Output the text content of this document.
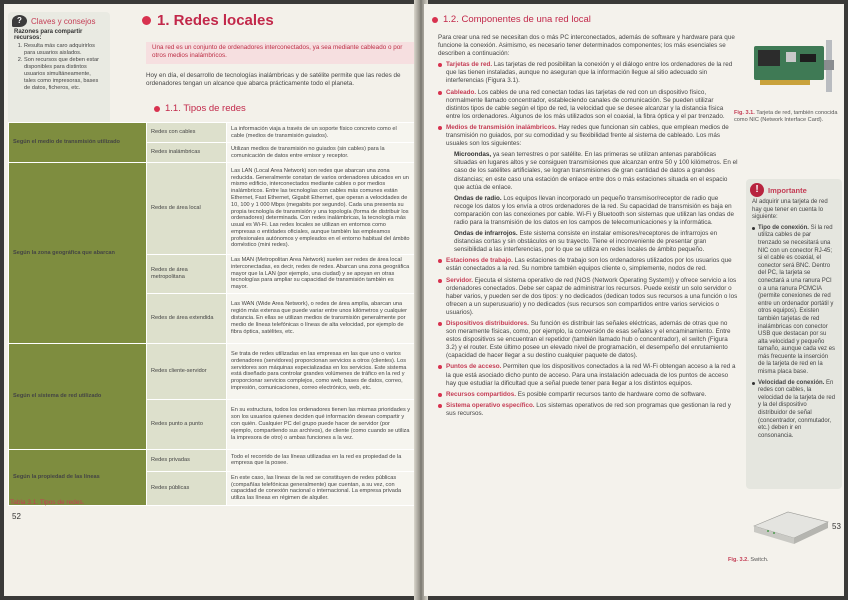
?	Claves y consejos
Razones para compartir recursos:
1. Resulta más caro adquirirlos para usuarios aislados.
2. Son recursos que deben estar disponibles para distintos usuarios simultáneamente, tales como impresoras, bases de datos, ficheros, etc.
1. Redes locales
Una red es un conjunto de ordenadores interconectados, ya sea mediante cableado o por otros medios inalámbricos.
Hoy en día, el desarrollo de tecnologías inalámbricas y de satélite permite que las redes de ordenadores tengan un alcance que abarca prácticamente todo el planeta.
1.1. Tipos de redes
Según el medio de transmisión utilizado	Redes con cables	La información viaja a través de un soporte físico concreto como el cable (medios de transmisión guiados).
	Redes inalámbricas	Utilizan medios de transmisión no guiados (sin cables) para la comunicación de datos entre emisor y receptor.
Según la zona geográfica que abarcan	Redes de área local	Las LAN (Local Area Network) son redes que abarcan una zona reducida. Generalmente constan de varios ordenadores ubicados en un mismo edificio, interconectados mediante cables o por medios inalámbricos. Entre las tecnologías con cables más comunes están Ethernet, Fast Ethernet, Gigabit Ethernet, que operan a velocidades de 10, 100 y 1 000 Mbps (megabits por segundo). Cada una presenta su propia tecnología de transmisión y una topología (forma de distribuir los ordenadores) determinada. Con redes inalámbricas, la tecnología más usual es Wi-Fi. Las redes locales se utilizan en entornos como empresas o entidades oficiales, aunque también las empleamos profesionales autónomos y empleados en el entorno habitual del ámbito doméstico (mini redes).
	Redes de área metropolitana	Las MAN (Metropolitan Area Network) suelen ser redes de área local interconectadas, es decir, redes de redes. Abarcan una zona geográfica mayor que la LAN (por ejemplo, una ciudad) y se apoyan en otras tecnologías para ampliar su capacidad de transmisión también es mayor.
	Redes de área extendida	Las WAN (Wide Area Network), o redes de área amplia, abarcan una región más extensa que puede variar entre unos kilómetros y cualquier distancia. En ellas se utilizan medios de transmisión generalmente por medio de líneas telefónicas o líneas de alta velocidad, por ejemplo de fibra óptica, satélites, etc.
Según el sistema de red utilizado	Redes cliente-servidor	Se trata de redes utilizadas en las empresas en las que uno o varios ordenadores (servidores) proporcionan servicios a otros (clientes). Los servidores son máquinas especializadas en los servicios. Este sistema está diseñado para controlar grandes volúmenes de tráfico en la red y proporcionar servicios complejos, como web, bases de datos, correo, impresión, comunicaciones, correo electrónico, web, etc.
	Redes punto a punto	En su estructura, todos los ordenadores tienen las mismas prioridades y son los usuarios quienes deciden qué información desean compartir y con quién. Cualquier PC del grupo puede hacer de servidor (por ejemplo, compartiendo sus archivos), de cliente (como cuando se utiliza la impresora de otro) o ambas funciones a la vez.
Según la propiedad de las líneas	Redes privadas	Todo el recorrido de las líneas utilizadas en la red es propiedad de la empresa que la posee.
	Redes públicas	En este caso, las líneas de la red se constituyen de redes públicas (compañías telefónicas generalmente) que cuentan, a su vez, con capacidad de conexión nacional o internacional. La empresa privada utiliza las líneas en régimen de alquiler.
Tabla 3.1. Tipos de redes.
52
1.2. Componentes de una red local

Para crear una red se necesitan dos o más PC interconectados, además de software y hardware para que funcione la conexión. Asimismo, es necesario tener determinados componentes; los más esenciales se describen a continuación:

Tarjetas de red. Las tarjetas de red posibilitan la conexión y el diálogo entre los ordenadores de la red que las tienen instaladas, aunque no aseguran que la información llegue al sitio adecuado sin interferencias (Figura 3.1).
Cableado. Los cables de una red conectan todas las tarjetas de red con un dispositivo físico, normalmente llamado concentrador, estableciendo canales de comunicación. Se pueden utilizar distintos tipos de cable según el tipo de red, la velocidad que se desee alcanzar y la distancia física entre los ordenadores. Algunos de los más utilizados son el coaxial, la fibra óptica y el par trenzado.
Medios de transmisión inalámbricos. Hay redes que funcionan sin cables, que emplean medios de transmisión no guiados, por su comodidad y su flexibilidad frente al sistema de cableado. Los más usuales son los siguientes:
Microondas, ya sean terrestres o por satélite. En las primeras se utilizan antenas parabólicas situadas en lugares altos y se consiguen transmisiones que alcanzan entre 50 y 100 kilómetros. En el caso de los satélites artificiales, se logran transmisiones de gran cantidad de datos a grandes distancias; en este caso una estación de enlace entre dos o más estaciones situada en el espacio que actúa de enlace.
Ondas de radio. Los equipos llevan incorporado un pequeño transmisor/receptor de radio que recoge los datos y los envía a otros ordenadores de la red. Su capacidad de transmisión es baja en comparación con las conexiones por cable. Wi-Fi y Bluetooth son sistemas que utilizan las ondas de radio para la transmisión de los datos en los campos de telecomunicaciones y la informática.
Ondas de infrarrojos. Este sistema consiste en instalar emisores/receptores de infrarrojos en distancias cortas y sin obstáculos en su trayecto. Tiene el inconveniente de presentar gran sensibilidad a las interferencias, por lo que se utiliza en redes locales de ámbito pequeño.
Estaciones de trabajo. Las estaciones de trabajo son los ordenadores utilizados por los usuarios que están conectados a la red. Su nombre también equipos cliente o, simplemente, nodos de red.
Servidor. Ejecuta el sistema operativo de red (NOS (Network Operating System)) y ofrece servicio a los ordenadores conectados. Debe ser capaz de administrar los recursos. Puede existir un solo servidor o haber varios, y pueden ser de dos tipos: y no dedicados (dedican todos sus recursos a una función o los ofrecen a un superusuario) y no dedicados (sus recursos son compartidos entre varios servicios o usuarios).
Dispositivos distribuidores. Su función es distribuir las señales eléctricas, además de otras que no son meramente físicas, como, por ejemplo, la conversión de esas señales y el encaminamiento. Entre estos dispositivos se encuentran el repetidor (también llamado hub o concentrador), el switch (Figura 3.2) y el router. Este último posee un elevado nivel de programación, el desempeño del enrutamiento (capacidad de hacer llegar a su destino cualquier paquete de datos).
Puntos de acceso. Permiten que los dispositivos conectados a la red Wi-Fi obtengan acceso a la red a la que está asociado dicho punto de acceso. Para una instalación adecuada de los puntos de acceso hay que estudiar la dificultad que a señal puede tener para llegar a los distintos equipos.
Recursos compartidos. Es posible compartir recursos tanto de hardware como de software.
Sistema operativo específico. Los sistemas operativos de red son programas que gestionan la red y sus recursos.
Fig. 3.1. Tarjeta de red, también conocida como NIC (Network Interface Card).
!	Importante

Al adquirir una tarjeta de red hay que tener en cuenta lo siguiente:

Tipo de conexión. Si la red utiliza cables de par trenzado se necesitará una NIC con un conector RJ-45; si el cable es coaxial, el conector será BNC. Dentro del PC, la tarjeta se conectará a una ranura PCI o a una ranura PCMCIA (permite conexiones de red entre un ordenador portátil y otros equipos). Existen también tarjetas de red inalámbricas con conector USB que destacan por su alta velocidad y pequeño tamaño, aunque cada vez es más frecuente la inserción de la tarjeta de red en la misma placa base.

Velocidad de conexión. En redes con cables, la velocidad de la tarjeta de red y la del dispositivo distribuidor de señal (concentrador, conmutador, etc.) deben ir en consonancia.

Fig. 3.2. Switch.
53
